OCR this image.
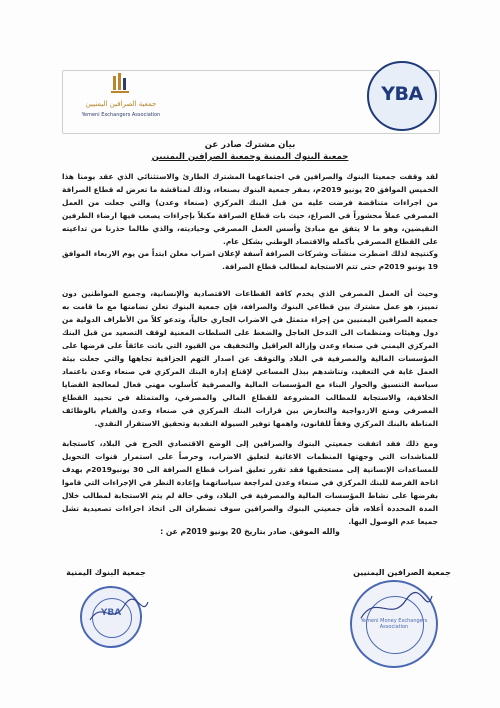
جمعية الصرافين اليمنيين
Yemeni Exchangers Association
YBA
بيان مشترك صادر عن
جمعية البنوك اليمنية وجمعية الصرافين اليمنيين
لقد وقفت جمعيتا البنوك والصرافين في اجتماعهما المشترك الطارئ والاستثنائي الذي عقد يومنا هذا الخميس الموافق 20 يونيو 2019م، بمقر جمعية البنوك بصنعاء، وذلك لمناقشة ما تعرض له قطاع الصرافة من اجراءات متناقضة فرضت عليه من قبل البنك المركزي (صنعاء وعدن) والتي جعلت من العمل المصرفي عملاً محشوراً في الصراع، حيث بات قطاع الصرافة مكبلاً بإجراءات يصعب فيها ارضاء الطرفين النقيضين، وهو ما لا يتفق مع مبادئ وأسس العمل المصرفي وحياديته، والذي طالما حذرنا من تداعيته على القطاع المصرفي بأكمله والاقتصاد الوطني بشكل عام.
وكنتيجة لذلك اضطرت منشآت وشركات الصرافة آسفة لإعلان اضراب معلن ابتداً من يوم الاربعاء الموافق 19 يونيو 2019م حتى تتم الاستجابة لمطالب قطاع الصرافة.
وحيث أن العمل المصرفي الذي يخدم كافة القطاعات الاقتصادية والإنسانية، وجميع المواطنين دون تمييز، هو عمل مشترك بين قطاعي البنوك والصرافة، فإن جمعية البنوك تعلن تضامنها مع ما قامت به جمعية الصرافين اليمنيين من إجراء متمثل في الاضراب الجاري حالياً، وتدعو كلاً من الأطراف الدولية من دول وهيئات ومنظمات الى التدخل العاجل والضغط على السلطات المعنية لوقف التصعيد من قبل البنك المركزي اليمني في صنعاء وعدن وإزالة العراقيل والتخفيف من القيود التي باتت عائقاً على فرضها على المؤسسات المالية والمصرفية في البلاد والتوقف عن اصدار التهم الجزافية تجاهها والتي جعلت بيئة العمل غاية في التعقيد، وتناشدهم ببذل المساعي لإقناع إدارة البنك المركزي في صنعاء وعدن باعتماد سياسة التنسيق والحوار البناء مع المؤسسات المالية والمصرفية كأسلوب مهني فعال لمعالجة القضايا الخلافية، والاستجابة للمطالب المشروعة للقطاع المالي والمصرفي، والمتمثلة في تحييد القطاع المصرفي ومنع الازدواجية والتعارض بين قرارات البنك المركزي في صنعاء وعدن والقيام بالوظائف المناطة بالبنك المركزي وفقاً للقانون، واهمها توفير السيولة النقدية وتحقيق الاستقرار النقدي.
ومع ذلك فقد اتفقت جمعيتي البنوك والصرافين إلى الوضع الاقتصادي الحرج في البلاد، كاستجابة للمناشدات التي وجهتها المنظمات الاغاثية لتعليق الاضراب، وحرصاً على استمرار قنوات التحويل للمساعدات الإنسانية إلى مستحقيها فقد تقرر تعليق اضراب قطاع الصرافة الى 30 يونيو2019م بهدف اتاحة الفرصة للبنك المركزي في صنعاء وعدن لمراجعة سياساتهما وإعادة النظر في الإجراءات التي قاموا بفرضها على نشاط المؤسسات المالية والمصرفية في البلاد، وفي حالة لم يتم الاستجابة لمطالب خلال المدة المحددة أعلاه، فأن جمعيتي البنوك والصرافين سوف تضطران الى اتخاذ اجراءات تصعيدية تشل جميعا عدم الوصول اليها.
والله الموفق. صادر بتاريخ 20 يونيو 2019م عن :
جمعية الصرافين اليمنيين
جمعية البنوك اليمنية
Yemeni Money Exchangers Association
YBA
